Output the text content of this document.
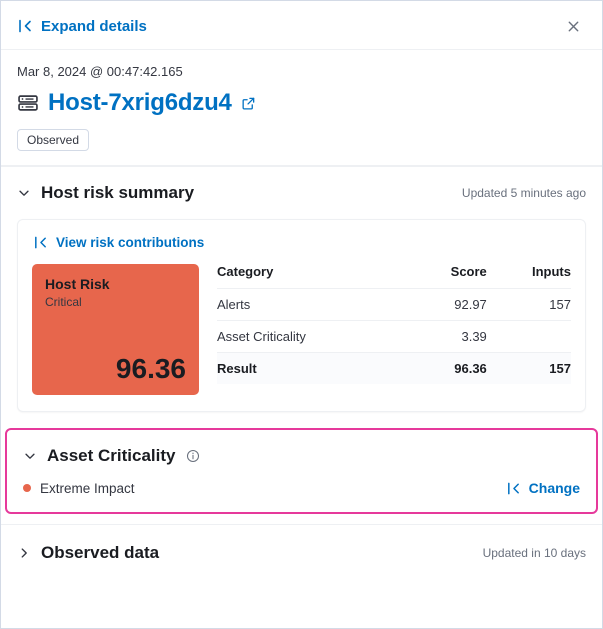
Expand details
Mar 8, 2024 @ 00:47:42.165
Host-7xrig6dzu4
Observed
Host risk summary	Updated 5 minutes ago
View risk contributions
Host Risk
Critical
96.36
Category	Score	Inputs
Alerts	92.97	157
Asset Criticality	3.39	
Result	96.36	157
Asset Criticality
Extreme Impact	Change
Observed data	Updated in 10 days
